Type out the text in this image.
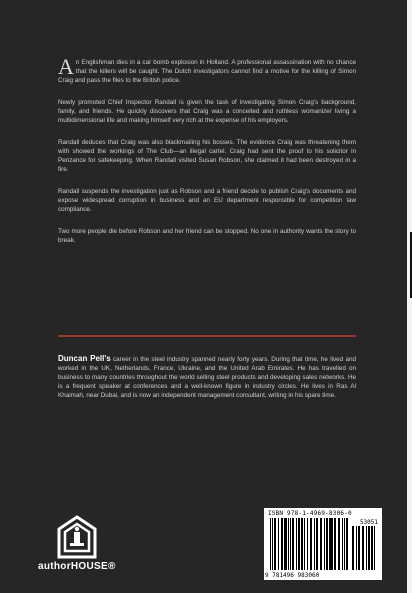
An Englishman dies in a car bomb explosion in Holland. A professional assassination with no chance that the killers will be caught. The Dutch investigators cannot find a motive for the killing of Simon Craig and pass the files to the British police.

Newly promoted Chief Inspector Randall is given the task of investigating Simon Craig's background, family, and friends. He quickly discovers that Craig was a conceited and ruthless womanizer living a multidimensional life and making himself very rich at the expense of his employers.

Randall deduces that Craig was also blackmailing his bosses. The evidence Craig was threatening them with showed the workings of The Club—an illegal cartel. Craig had sent the proof to his solicitor in Penzance for safekeeping. When Randall visited Susan Robson, she claimed it had been destroyed in a fire.

Randall suspends the investigation just as Robson and a friend decide to publish Craig's documents and expose widespread corruption in business and an EU department responsible for competition law compliance.

Two more people die before Robson and her friend can be stopped. No one in authority wants the story to break.

Duncan Pell's career in the steel industry spanned nearly forty years. During that time, he lived and worked in the UK, Netherlands, France, Ukraine, and the United Arab Emirates. He has travelled on business to many countries throughout the world selling steel products and developing sales networks. He is a frequent speaker at conferences and a well-known figure in industry circles. He lives in Ras Al Khaimah, near Dubai, and is now an independent management consultant, writing in his spare time.
authorHOUSE®
ISBN 978-1-4969-8306-0
53051
9 781496 983060
